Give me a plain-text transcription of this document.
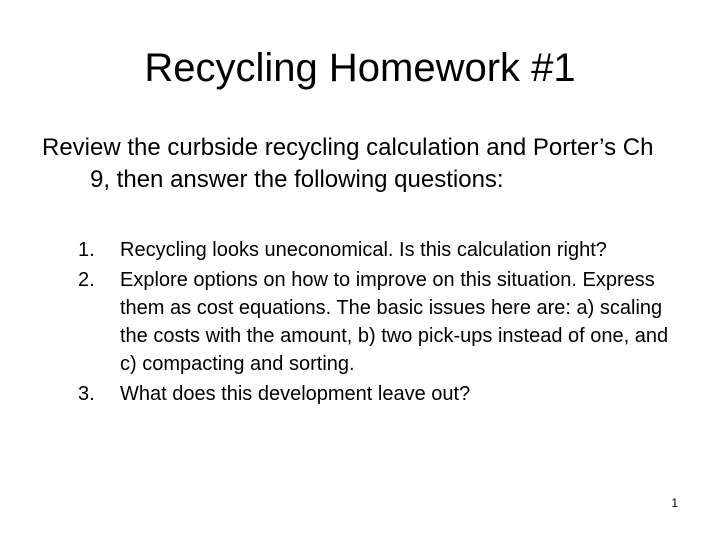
Recycling Homework #1

Review the curbside recycling calculation and Porter’s Ch 9, then answer the following questions:

1. Recycling looks uneconomical. Is this calculation right?
2. Explore options on how to improve on this situation. Express them as cost equations. The basic issues here are: a) scaling the costs with the amount, b) two pick-ups instead of one, and c) compacting and sorting.
3. What does this development leave out?
1
